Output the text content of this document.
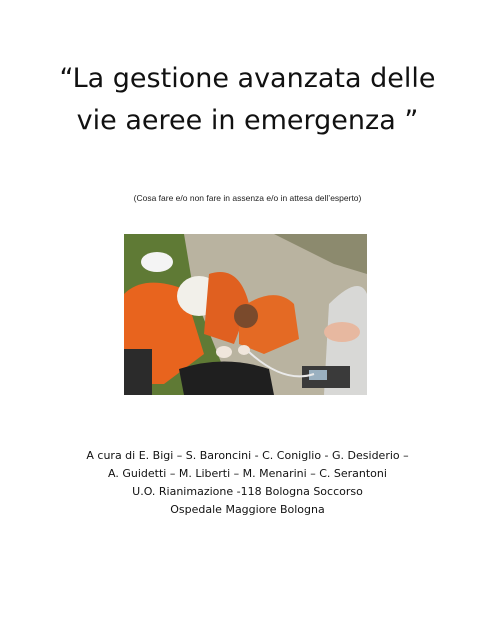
“La gestione avanzata delle
vie aeree in emergenza ”
(Cosa fare e/o non fare in assenza e/o in attesa dell’esperto)
A cura di E. Bigi – S. Baroncini - C. Coniglio - G. Desiderio –
A. Guidetti – M. Liberti – M. Menarini – C. Serantoni
U.O. Rianimazione -118 Bologna Soccorso
Ospedale Maggiore Bologna
